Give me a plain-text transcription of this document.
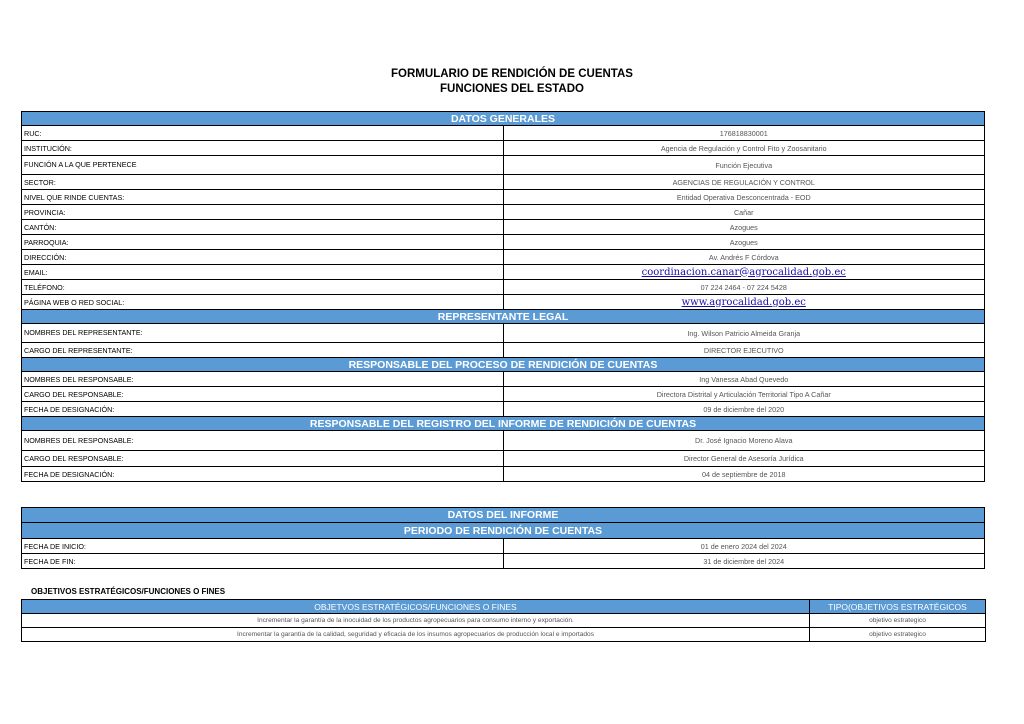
FORMULARIO DE RENDICIÓN DE CUENTAS
FUNCIONES DEL ESTADO
DATOS GENERALES	
RUC:	176818830001
INSTITUCIÓN:	Agencia de Regulación y Control Fito y Zoosanitario
FUNCIÓN A LA QUE PERTENECE	Función Ejecutiva
SECTOR:	AGENCIAS DE REGULACIÓN Y CONTROL
NIVEL QUE RINDE CUENTAS:	Entidad Operativa Desconcentrada - EOD
PROVINCIA:	Cañar
CANTÓN:	Azogues
PARROQUIA:	Azogues
DIRECCIÓN:	Av. Andrés F Córdova
EMAIL:	coordinacion.canar@agrocalidad.gob.ec
TELÉFONO:	07 224 2464 - 07 224 5428
PÁGINA WEB O RED SOCIAL:	www.agrocalidad.gob.ec
REPRESENTANTE LEGAL	
NOMBRES DEL REPRESENTANTE:	Ing. Wilson Patricio Almeida Granja
CARGO DEL REPRESENTANTE:	DIRECTOR EJECUTIVO
RESPONSABLE DEL PROCESO DE RENDICIÓN DE CUENTAS	
NOMBRES DEL RESPONSABLE:	Ing Vanessa Abad Quevedo
CARGO DEL RESPONSABLE:	Directora Distrital y Articulación Territorial Tipo A Cañar
FECHA DE DESIGNACIÓN:	09 de diciembre del 2020
RESPONSABLE DEL REGISTRO DEL INFORME DE RENDICIÓN DE CUENTAS	
NOMBRES DEL RESPONSABLE:	Dr. José Ignacio Moreno Alava
CARGO DEL RESPONSABLE:	Director General de Asesoría Jurídica
FECHA DE DESIGNACIÓN:	04 de septiembre de 2018
DATOS DEL INFORME	
PERIODO DE RENDICIÓN DE CUENTAS	
FECHA DE INICIO:	01 de enero 2024 del 2024
FECHA DE FIN:	31 de diciembre del 2024
OBJETIVOS ESTRATÉGICOS/FUNCIONES O FINES
OBJETVOS ESTRATÉGICOS/FUNCIONES O FINES	TIPO(OBJETIVOS ESTRATÉGICOS
Incrementar la garantía de la inocuidad de los productos agropecuarios para consumo interno y exportación.	objetivo estrategico
Incrementar la garantía de la calidad, seguridad y eficacia de los insumos agropecuarios de producción local e importados	objetivo estrategico
